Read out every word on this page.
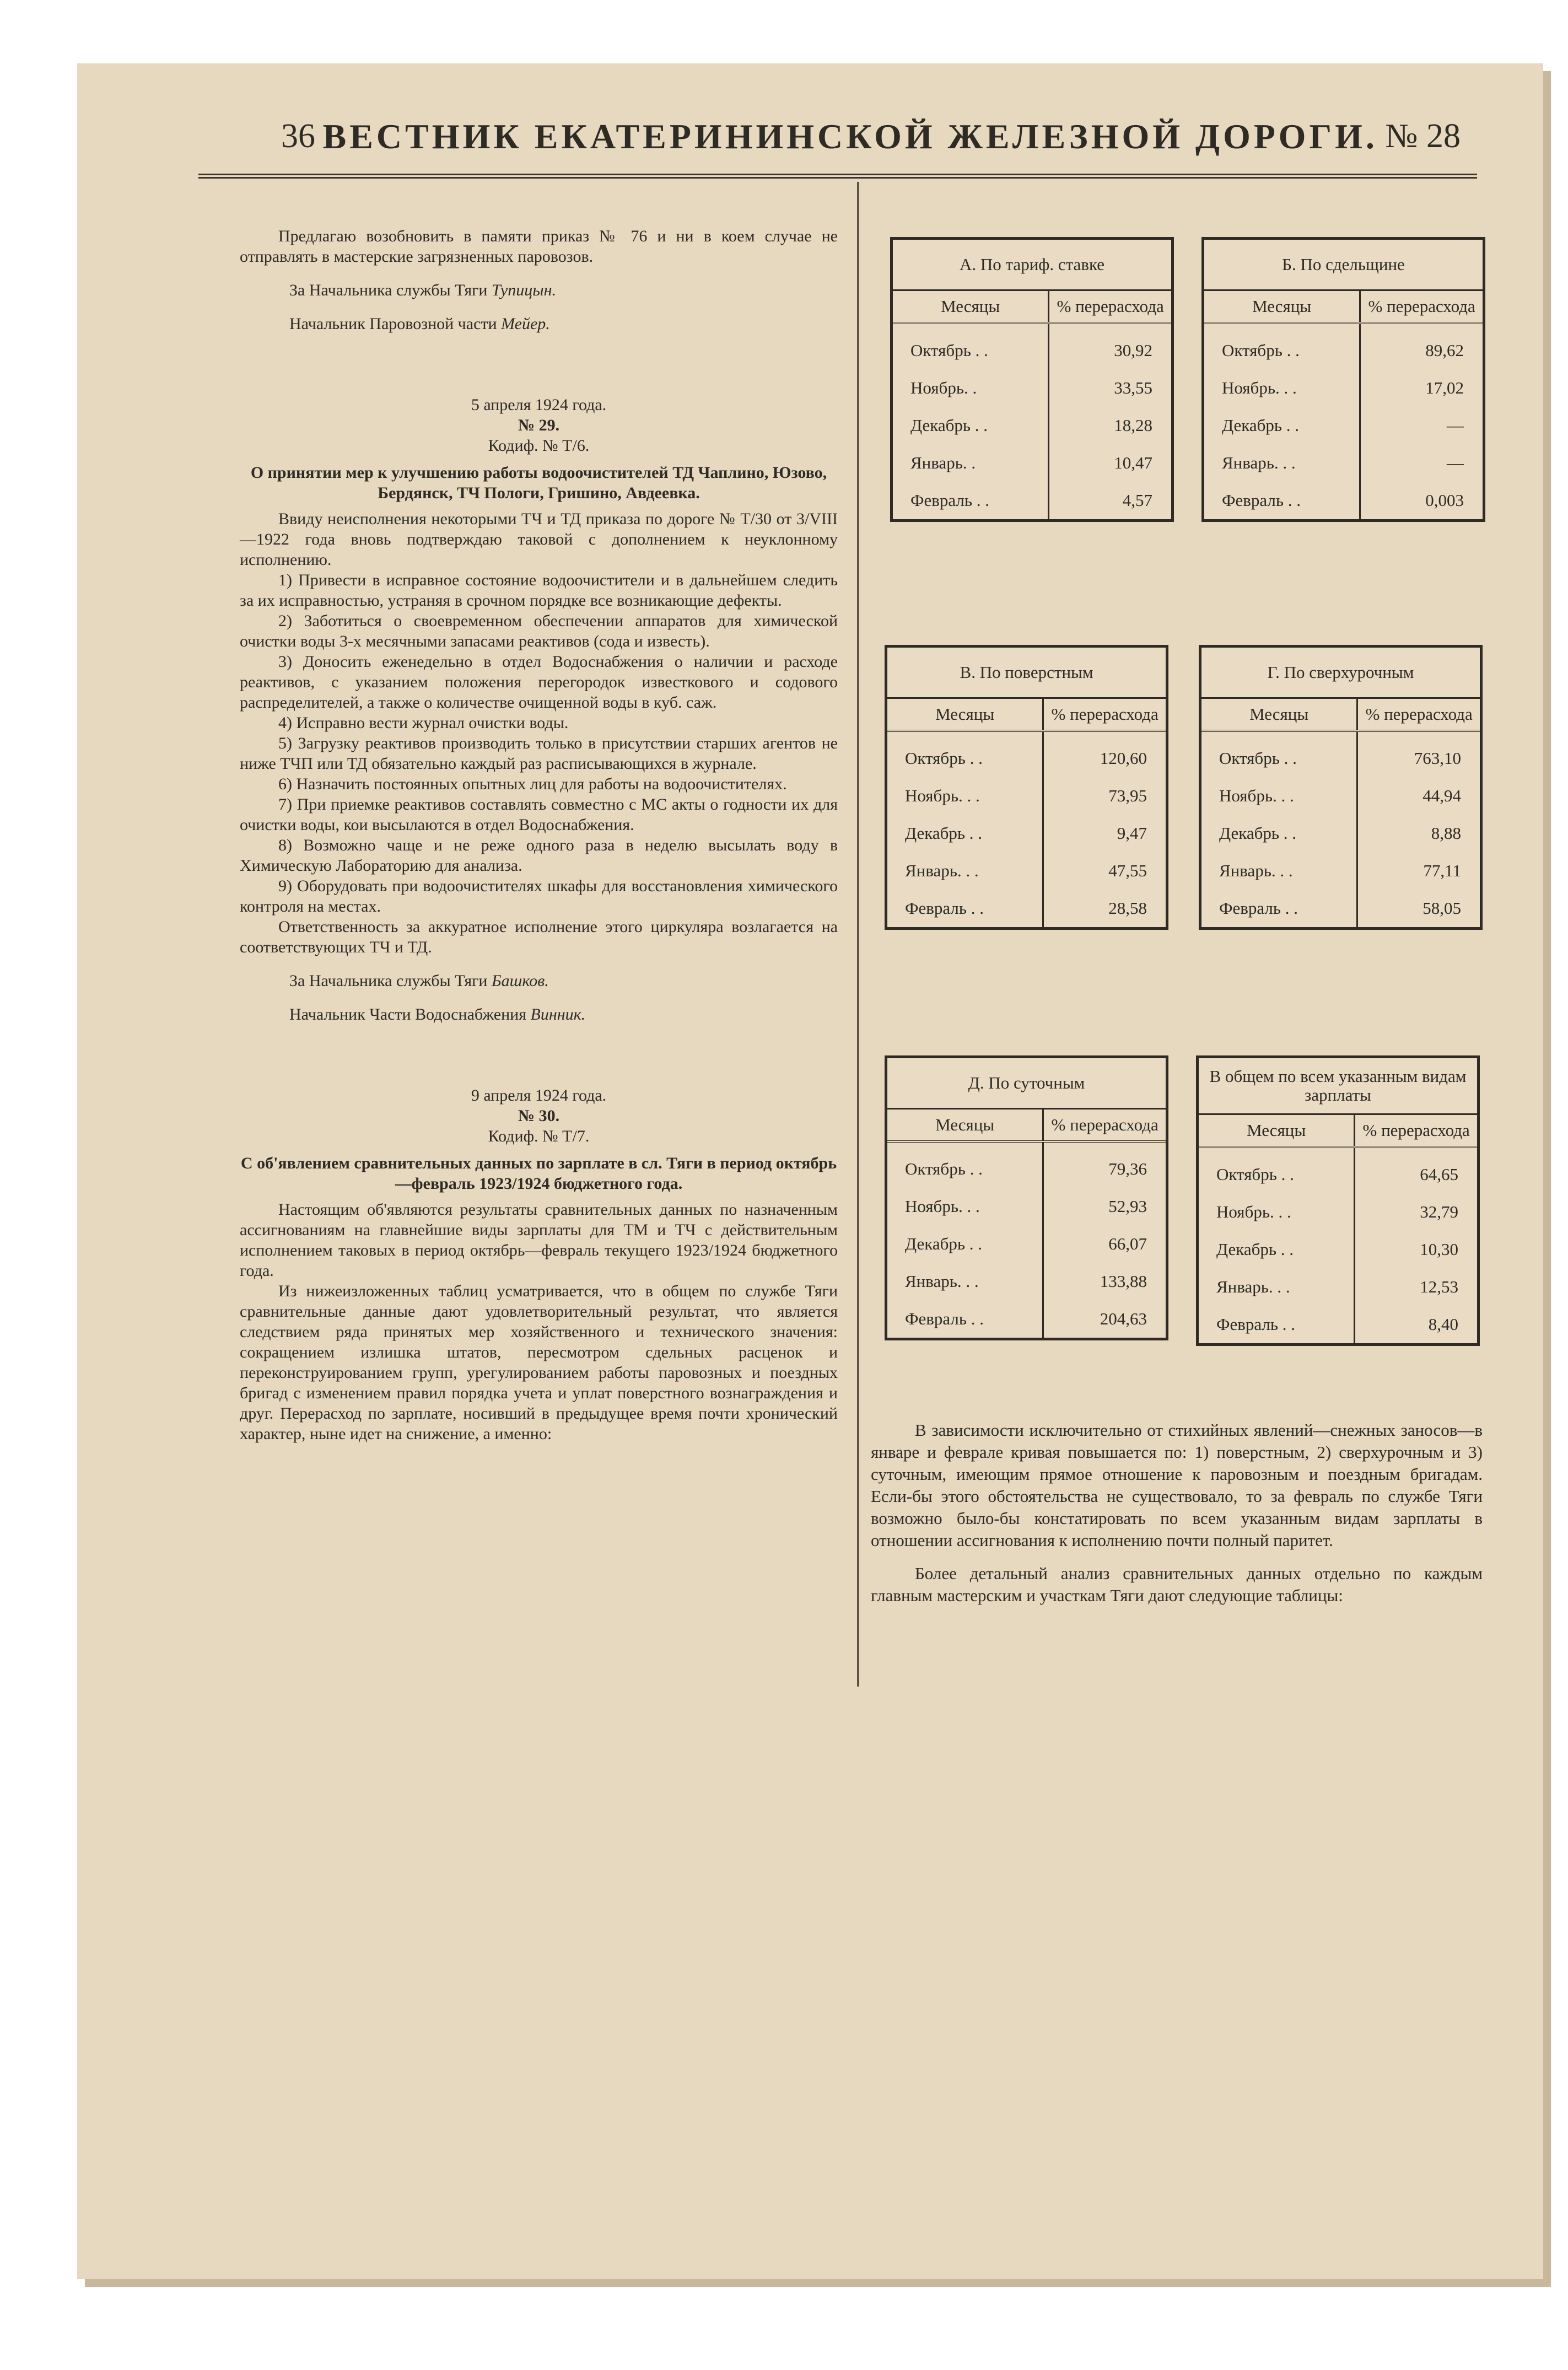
36 ВЕСТНИК ЕКАТЕРИНИНСКОЙ ЖЕЛЕЗНОЙ ДОРОГИ. № 28

Предлагаю возобновить в памяти приказ № 76 и ни в коем случае не отправлять в мастерские загрязненных паровозов.

За Начальника службы Тяги Тупицын.

Начальник Паровозной части Мейер.

5 апреля 1924 года.

№ 29.

Кодиф. № Т/6.

О принятии мер к улучшению работы водоочистителей ТД Чаплино, Юзово, Бердянск, ТЧ Пологи, Гришино, Авдеевка.

Ввиду неисполнения некоторыми ТЧ и ТД приказа по дороге № Т/30 от 3/VIII—1922 года вновь подтверждаю таковой с дополнением к неуклонному исполнению.

1) Привести в исправное состояние водоочистители и в дальнейшем следить за их исправностью, устраняя в срочном порядке все возникающие дефекты.

2) Заботиться о своевременном обеспечении аппаратов для химической очистки воды 3-х месячными запасами реактивов (сода и известь).

3) Доносить еженедельно в отдел Водоснабжения о наличии и расходе реактивов, с указанием положения перегородок известкового и содового распределителей, а также о количестве очищенной воды в куб. саж.

4) Исправно вести журнал очистки воды.

5) Загрузку реактивов производить только в присутствии старших агентов не ниже ТЧП или ТД обязательно каждый раз расписывающихся в журнале.

6) Назначить постоянных опытных лиц для работы на водоочистителях.

7) При приемке реактивов составлять совместно с МС акты о годности их для очистки воды, кои высылаются в отдел Водоснабжения.

8) Возможно чаще и не реже одного раза в неделю высылать воду в Химическую Лабораторию для анализа.

9) Оборудовать при водоочистителях шкафы для восстановления химического контроля на местах.

Ответственность за аккуратное исполнение этого циркуляра возлагается на соответствующих ТЧ и ТД.

За Начальника службы Тяги Башков.

Начальник Части Водоснабжения Винник.

9 апреля 1924 года.

№ 30.

Кодиф. № Т/7.

С об'явлением сравнительных данных по зарплате в сл. Тяги в период октябрь—февраль 1923/1924 бюджетного года.

Настоящим об'являются результаты сравнительных данных по назначенным ассигнованиям на главнейшие виды зарплаты для ТМ и ТЧ с действительным исполнением таковых в период октябрь—февраль текущего 1923/1924 бюджетного года.

Из нижеизложенных таблиц усматривается, что в общем по службе Тяги сравнительные данные дают удовлетворительный результат, что является следствием ряда принятых мер хозяйственного и технического значения: сокращением излишка штатов, пересмотром сдельных расценок и переконструированием групп, урегулированием работы паровозных и поездных бригад с изменением правил порядка учета и уплат поверстного вознаграждения и друг. Перерасход по зарплате, носивший в предыдущее время почти хронический характер, ныне идет на снижение, а именно:

А. По тариф. ставке
Месяцы	% перерасхода
Октябрь . .	30,92
Ноябрь. .	33,55
Декабрь . .	18,28
Январь. .	10,47
Февраль . .	4,57
Б. По сдельщине
Месяцы	% перерасхода
Октябрь . .	89,62
Ноябрь. . .	17,02
Декабрь . .	—
Январь. . .	—
Февраль . .	0,003
В. По поверстным
Месяцы	% перерасхода
Октябрь . .	120,60
Ноябрь. . .	73,95
Декабрь . .	9,47
Январь. . .	47,55
Февраль . .	28,58
Г. По сверхурочным
Месяцы	% перерасхода
Октябрь . .	763,10
Ноябрь. . .	44,94
Декабрь . .	8,88
Январь. . .	77,11
Февраль . .	58,05
Д. По суточным
Месяцы	% перерасхода
Октябрь . .	79,36
Ноябрь. . .	52,93
Декабрь . .	66,07
Январь. . .	133,88
Февраль . .	204,63
В общем по всем указанным видам зарплаты
Месяцы	% перерасхода
Октябрь . .	64,65
Ноябрь. . .	32,79
Декабрь . .	10,30
Январь. . .	12,53
Февраль . .	8,40

В зависимости исключительно от стихийных явлений—снежных заносов—в январе и феврале кривая повышается по: 1) поверстным, 2) сверхурочным и 3) суточным, имеющим прямое отношение к паровозным и поездным бригадам. Если-бы этого обстоятельства не существовало, то за февраль по службе Тяги возможно было-бы констатировать по всем указанным видам зарплаты в отношении ассигнования к исполнению почти полный паритет.

Более детальный анализ сравнительных данных отдельно по каждым главным мастерским и участкам Тяги дают следующие таблицы:
